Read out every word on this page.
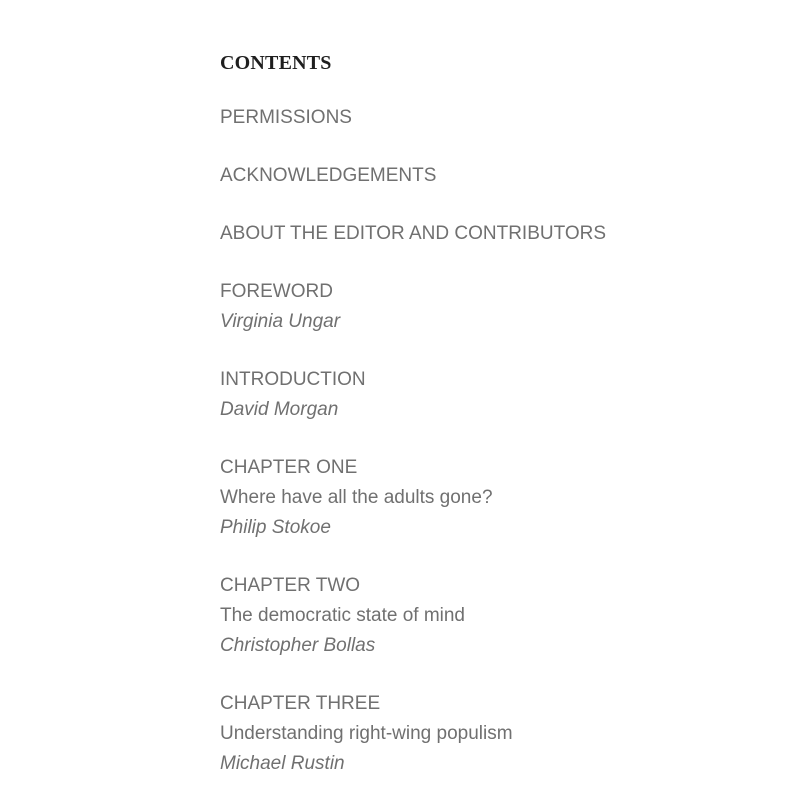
CONTENTS
PERMISSIONS
ACKNOWLEDGEMENTS
ABOUT THE EDITOR AND CONTRIBUTORS
FOREWORD
Virginia Ungar
INTRODUCTION
David Morgan
CHAPTER ONE
Where have all the adults gone?
Philip Stokoe
CHAPTER TWO
The democratic state of mind
Christopher Bollas
CHAPTER THREE
Understanding right-wing populism
Michael Rustin
